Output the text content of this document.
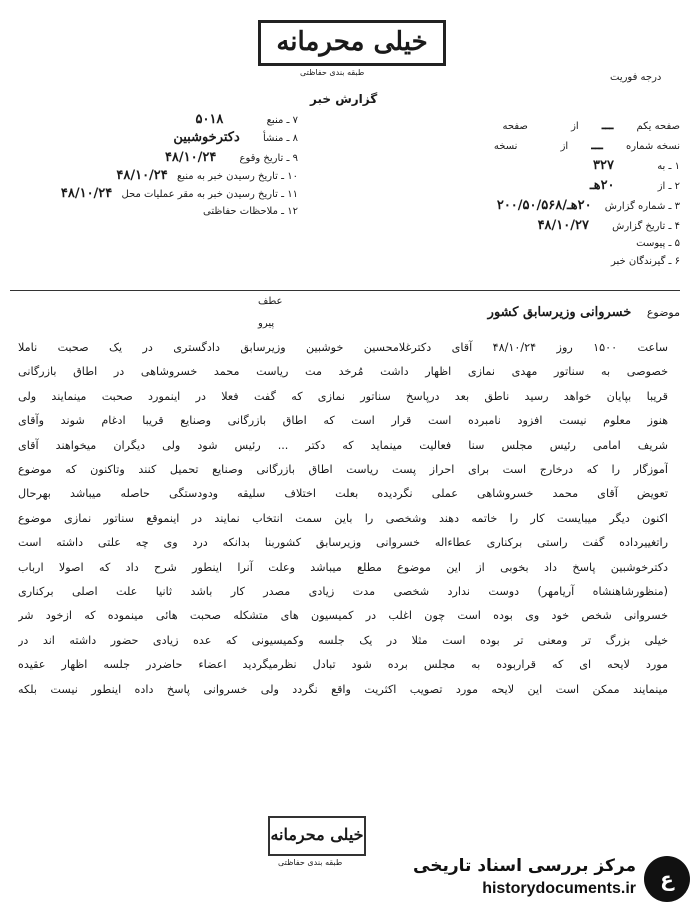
خیلی محرمانه
طبقه بندی حفاظتی	درجه فوریت
گزارش خبر
صفحه یکم ـــ از صفحه
نسخه شماره ـــ از نسخه
۱ ـ به ۳۲۷
۲ ـ از ۲۰هـ
۳ ـ شماره گزارش ۲۰هـ/۲۰۰/۵۰/۵۶۸
۴ ـ تاریخ گزارش ۴۸/۱۰/۲۷
۵ ـ پیوست
۶ ـ گیرندگان خبر
۷ ـ منبع ۵۰۱۸
۸ ـ منشأ دکترخوشبین
۹ ـ تاریخ وقوع ۴۸/۱۰/۲۴
۱۰ ـ تاریخ رسیدن خبر به منبع ۴۸/۱۰/۲۴
۱۱ ـ تاریخ رسیدن خبر به مقر عملیات محل ۴۸/۱۰/۲۴
۱۲ ـ ملاحظات حفاظتی
موضوع خسروانی وزیرسابق کشور
عطف
پیرو
ساعت ۱۵۰۰ روز ۴۸/۱۰/۲۴ آقای دکترغلامحسین خوشبین وزیرسابق دادگستری در یک صحبت ناملا
خصوصی به سناتور مهدی نمازی اظهار داشت مُرخد مت ریاست محمد خسروشاهی در اطاق بازرگانی
قریبا بپایان خواهد رسید ناطق بعد درپاسخ سناتور نمازی که گفت فعلا در اینمورد صحبت مینمایند ولی
هنوز معلوم نیست افزود نامبرده است قرار است که اطاق بازرگانی وصنایع قریبا ادغام شوند وآقای
شریف امامی رئیس مجلس سنا فعالیت مینماید که دکتر ... رئیس شود ولی دیگران میخواهند آقای
آموزگار را که درخارج است برای احراز پست ریاست اطاق بازرگانی وصنایع تحمیل کنند وتاکنون که موضوع
تعویض آقای محمد خسروشاهی عملی نگردیده بعلت اختلاف سلیقه ودودستگی حاصله میباشد بهرحال
اکنون دیگر میبایست کار را خاتمه دهند وشخصی را باین سمت انتخاب نمایند در اینموقع سناتور نمازی موضوع
راتغییرداده گفت راستی برکناری عطاءاله خسروانی وزیرسابق کشوربنا بدانکه درد وی چه علتی داشته است
دکترخوشبین پاسخ داد بخوبی از این موضوع مطلع میباشد وعلت آنرا اینطور شرح داد که اصولا ارباب
(منظورشاهنشاه آریامهر) دوست ندارد شخصی مدت زیادی مصدر کار باشد ثانیا علت اصلی برکناری
خسروانی شخص خود وی بوده است چون اغلب در کمیسیون های متشکله صحبت هائی مینموده که ازخود شر
خیلی بزرگ تر ومعنی تر بوده است مثلا در یک جلسه وکمیسیونی که عده زیادی حضور داشته اند در
مورد لایحه ای که قراربوده به مجلس برده شود تبادل نظرمیگردید اعضاء حاضردر جلسه اظهار عقیده
مینمایند ممکن است این لایحه مورد تصویب اکثریت واقع نگردد ولی خسروانی پاسخ داده اینطور نیست بلکه
خیلی محرمانه
طبقه بندی حفاظتی
ع
مرکز بررسی اسناد تاریخی
historydocuments.ir
